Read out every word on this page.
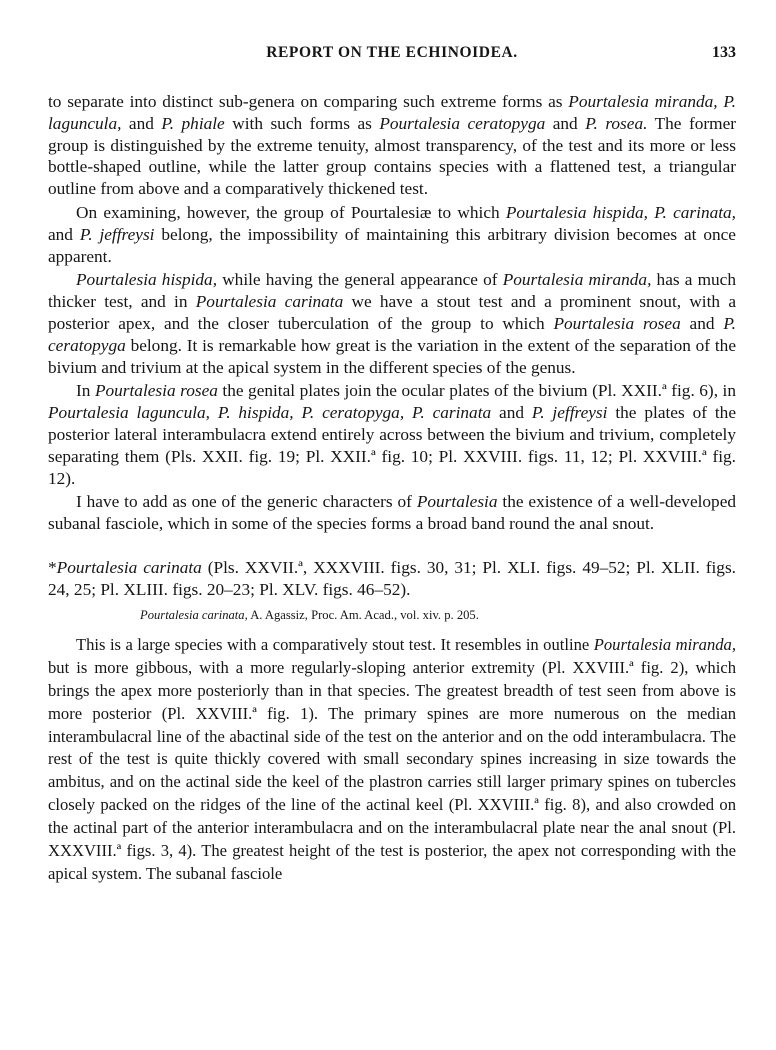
REPORT ON THE ECHINOIDEA.	133

to separate into distinct sub-genera on comparing such extreme forms as Pourtalesia miranda, P. laguncula, and P. phiale with such forms as Pourtalesia ceratopyga and P. rosea. The former group is distinguished by the extreme tenuity, almost transparency, of the test and its more or less bottle-shaped outline, while the latter group contains species with a flattened test, a triangular outline from above and a comparatively thickened test.

On examining, however, the group of Pourtalesiæ to which Pourtalesia hispida, P. carinata, and P. jeffreysi belong, the impossibility of maintaining this arbitrary division becomes at once apparent.

Pourtalesia hispida, while having the general appearance of Pourtalesia miranda, has a much thicker test, and in Pourtalesia carinata we have a stout test and a prominent snout, with a posterior apex, and the closer tuberculation of the group to which Pourtalesia rosea and P. ceratopyga belong. It is remarkable how great is the variation in the extent of the separation of the bivium and trivium at the apical system in the different species of the genus.

In Pourtalesia rosea the genital plates join the ocular plates of the bivium (Pl. XXII.ª fig. 6), in Pourtalesia laguncula, P. hispida, P. ceratopyga, P. carinata and P. jeffreysi the plates of the posterior lateral interambulacra extend entirely across between the bivium and trivium, completely separating them (Pls. XXII. fig. 19; Pl. XXII.ª fig. 10; Pl. XXVIII. figs. 11, 12; Pl. XXVIII.ª fig. 12).

I have to add as one of the generic characters of Pourtalesia the existence of a well-developed subanal fasciole, which in some of the species forms a broad band round the anal snout.

*Pourtalesia carinata (Pls. XXVII.ª, XXXVIII. figs. 30, 31; Pl. XLI. figs. 49–52; Pl. XLII. figs. 24, 25; Pl. XLIII. figs. 20–23; Pl. XLV. figs. 46–52).

Pourtalesia carinata, A. Agassiz, Proc. Am. Acad., vol. xiv. p. 205.

This is a large species with a comparatively stout test. It resembles in outline Pourtalesia miranda, but is more gibbous, with a more regularly-sloping anterior extremity (Pl. XXVIII.ª fig. 2), which brings the apex more posteriorly than in that species. The greatest breadth of test seen from above is more posterior (Pl. XXVIII.ª fig. 1). The primary spines are more numerous on the median interambulacral line of the abactinal side of the test on the anterior and on the odd interambulacra. The rest of the test is quite thickly covered with small secondary spines increasing in size towards the ambitus, and on the actinal side the keel of the plastron carries still larger primary spines on tubercles closely packed on the ridges of the line of the actinal keel (Pl. XXVIII.ª fig. 8), and also crowded on the actinal part of the anterior interambulacra and on the interambulacral plate near the anal snout (Pl. XXXVIII.ª figs. 3, 4). The greatest height of the test is posterior, the apex not corresponding with the apical system. The subanal fasciole
